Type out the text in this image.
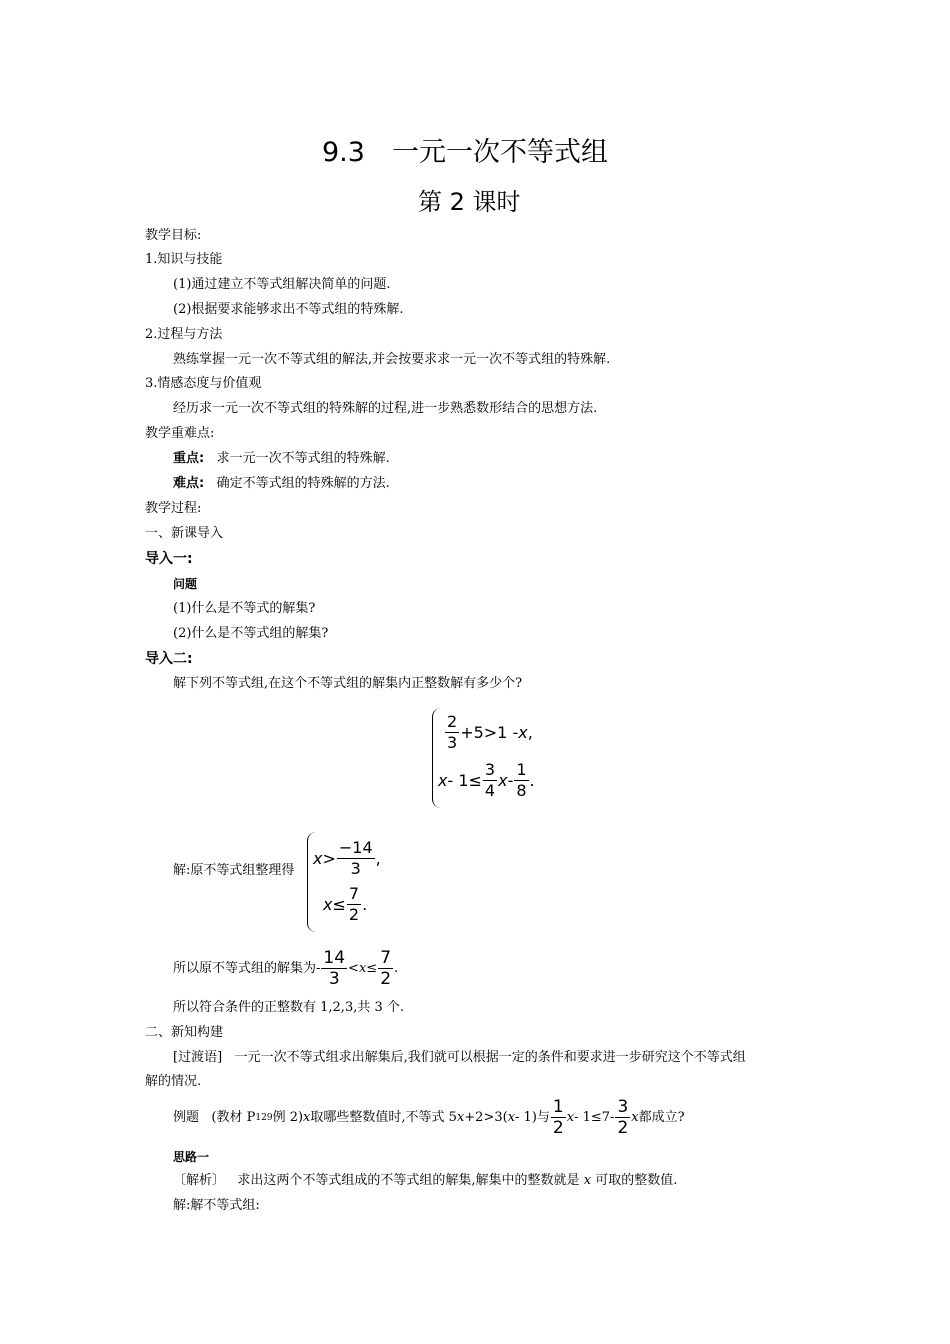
9.3　一元一次不等式组
第 2 课时
教学目标:
1.知识与技能
(1)通过建立不等式组解决简单的问题.
(2)根据要求能够求出不等式组的特殊解.
2.过程与方法
熟练掌握一元一次不等式组的解法,并会按要求求一元一次不等式组的特殊解.
3.情感态度与价值观
经历求一元一次不等式组的特殊解的过程,进一步熟悉数形结合的思想方法.
教学重难点:
重点: 求一元一次不等式组的特殊解.
难点: 确定不等式组的特殊解的方法.
教学过程:
一、新课导入
导入一:
问题
(1)什么是不等式的解集?
(2)什么是不等式组的解集?
导入二:
解下列不等式组,在这个不等式组的解集内正整数解有多少个?
$\frac{2}{3} +5>1 - x$ ,
$x - 1\le \frac{3}{4}$ x - $\frac{1}{8}$ .
解:原不等式组整理得
$x > \frac{-14}{3}$ ,
$x \le \frac{7}{2}$ .
所以原不等式组的解集为- $\frac{14}{3} < x \le \frac{7}{2}$ .
所以符合条件的正整数有 1,2,3,共 3 个.
二、新知构建
[过渡语] 一元一次不等式组求出解集后,我们就可以根据一定的条件和要求进一步研究这个不等式组
解的情况.
例题
(教材 P 129 例 2) x 取哪些整数值时,不等式 5 x +2>3( x - 1)与 $\frac{1}{2}$ $x - 1\le 7- \frac{3}{2}$ x 都成立?
思路一
〔解析〕 求出这两个不等式组成的不等式组的解集,解集中的整数就是 x 可取的整数值.
解:解不等式组:
